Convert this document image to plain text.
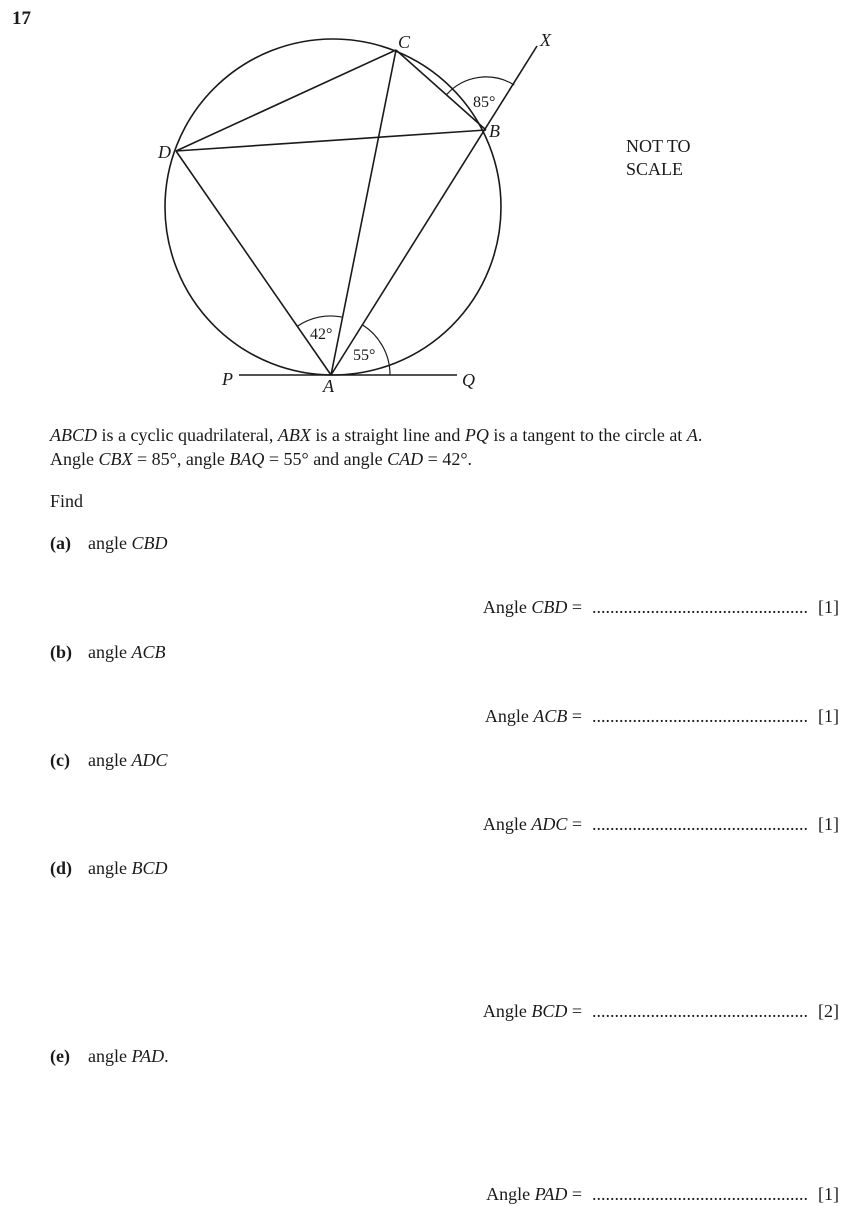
17
C	X
B
D
P	A	Q
85°
42°
55°
NOT TO
SCALE
ABCD is a cyclic quadrilateral, ABX is a straight line and PQ is a tangent to the circle at A.
Angle CBX = 85°, angle BAQ = 55° and angle CAD = 42°.
Find
(a) angle CBD
Angle
CBD
= ................................................ [1]
(b) angle ACB
Angle
ACB
= ................................................ [1]
(c) angle ADC
Angle
ADC
= ................................................ [1]
(d) angle BCD
Angle
BCD
= ................................................ [2]
(e) angle PAD.
Angle
PAD
= ................................................ [1]
